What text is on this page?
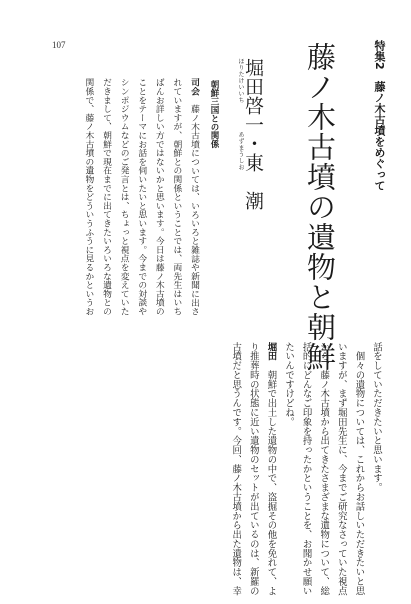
107	特集2 藤ノ木古墳をめぐって
藤ノ木古墳の遺物と朝鮮
ほりたけいいちあずまうしお
堀田啓一・東　潮
朝鮮三国との関係
司会　藤ノ木古墳については、いろいろと雑誌や新聞に出さ
れていますが、朝鮮との関係ということでは、両先生はいち
ばんお詳しい方ではないかと思います。今日は藤ノ木古墳の
ことをテーマにお話を伺いたいと思います。今までの対談や
シンポジウムなどのご発言とは、ちょっと視点を変えていた
だきまして、朝鮮で現在までに出てきたいろいろな遺物との
関係で、藤ノ木古墳の遺物をどういうふうに見るかというお
話をしていただきたいと思います。
　個々の遺物については、これからお話しいただきたいと思
いますが、まず堀田先生に、今までご研究なさっていた視点
から、藤ノ木古墳から出てきたさまざまな遺物について、総
括的にどんなご印象を持ったかということを、お聞かせ願い
たいんですけどね。
堀田　朝鮮で出土した遺物の中で、盗掘その他を免れて、よ
り推葬時の状態に近い遺物のセットが出ているのは、新羅の
古墳だと思うんです。今回、藤ノ木古墳から出た遺物は、幸
